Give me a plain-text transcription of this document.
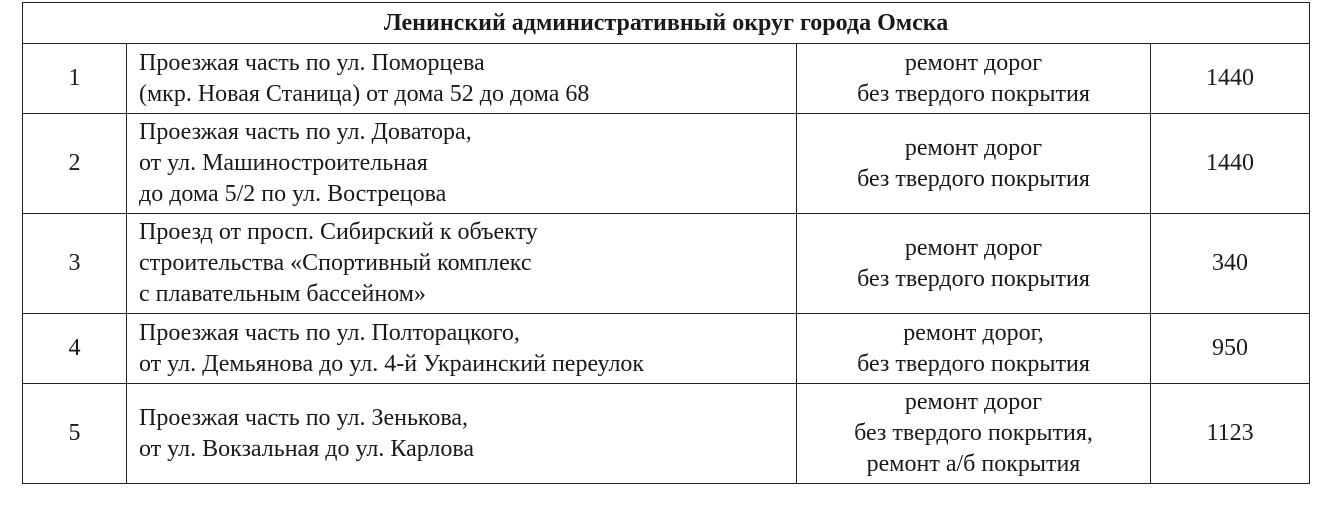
Ленинский административный округ города Омска			
1	Проезжая часть по ул. Поморцева
(мкр. Новая Станица) от дома 52 до дома 68	ремонт дорог
без твердого покрытия	1440
2	Проезжая часть по ул. Доватора,
от ул. Машиностроительная
до дома 5/2 по ул. Вострецова	ремонт дорог
без твердого покрытия	1440
3	Проезд от просп. Сибирский к объекту
строительства «Спортивный комплекс
с плавательным бассейном»	ремонт дорог
без твердого покрытия	340
4	Проезжая часть по ул. Полторацкого,
от ул. Демьянова до ул. 4-й Украинский переулок	ремонт дорог,
без твердого покрытия	950
5	Проезжая часть по ул. Зенькова,
от ул. Вокзальная до ул. Карлова	ремонт дорог
без твердого покрытия,
ремонт а/б покрытия	1123
